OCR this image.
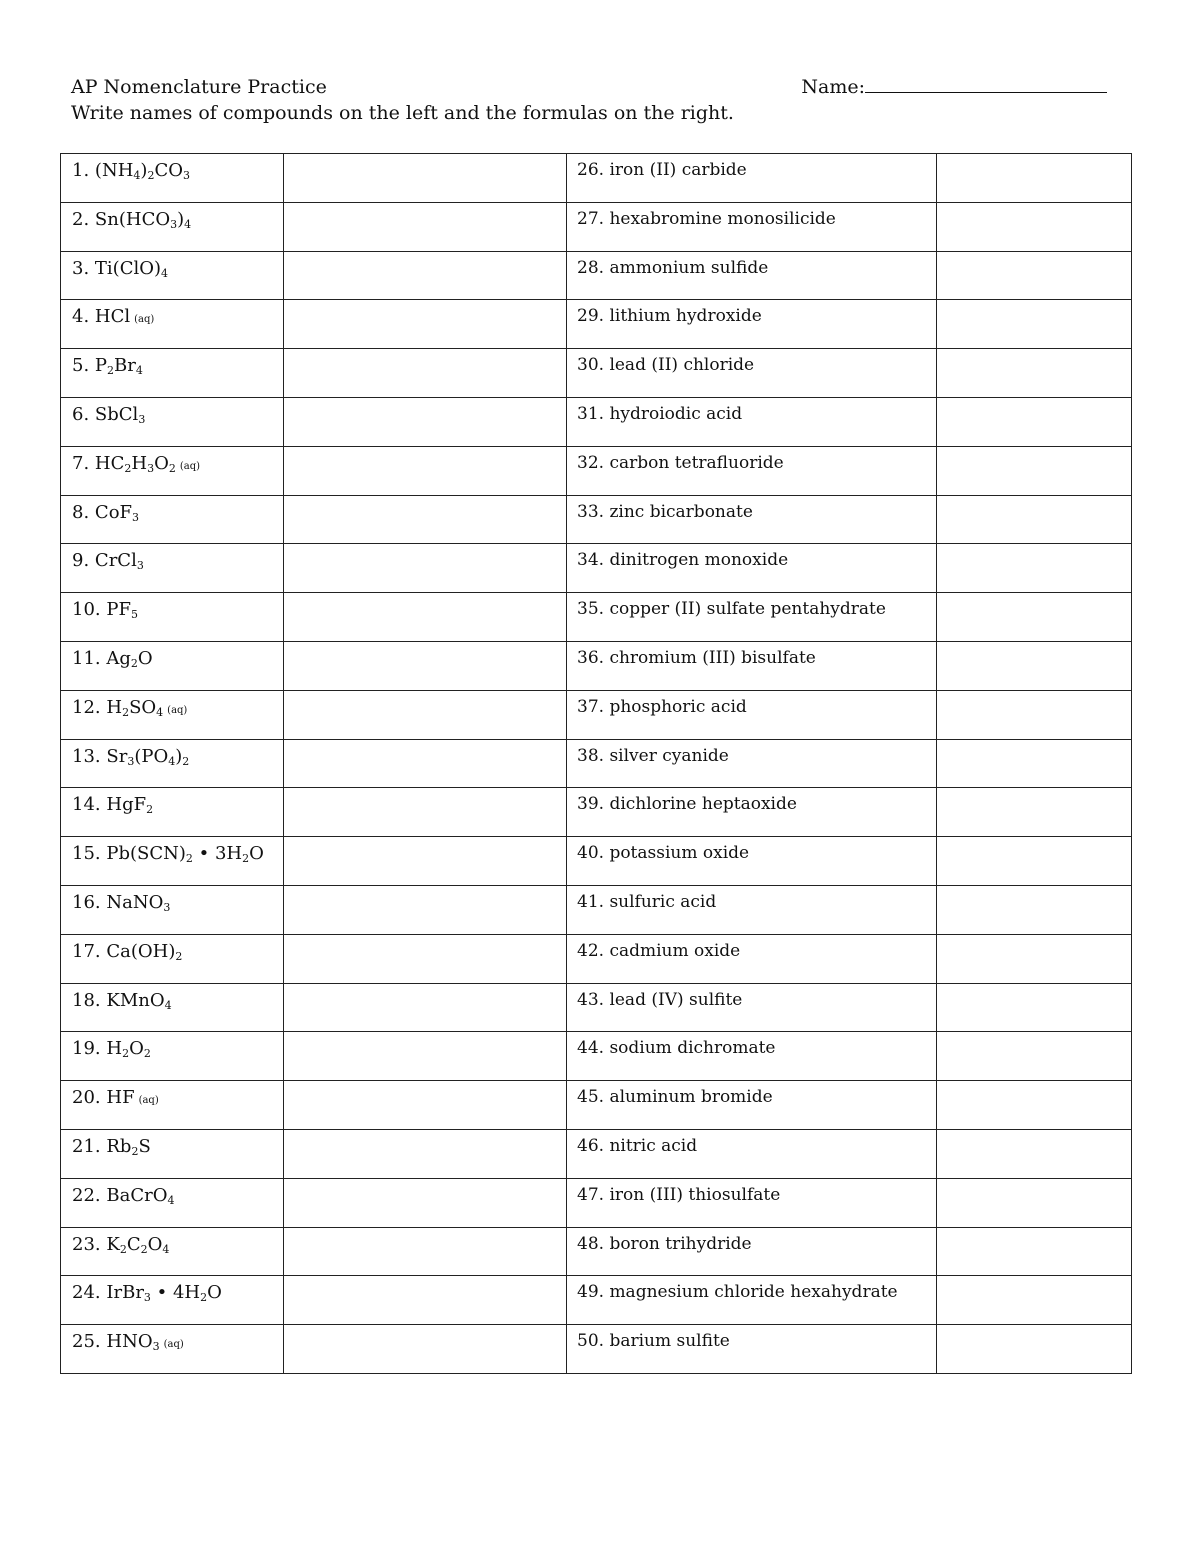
AP Nomenclature Practice	Name:
Write names of compounds on the left and the formulas on the right.
1. $(NH_4)_2CO_3$		26. iron (II) carbide	
2. $Sn(HCO_3)_4$		27. hexabromine monosilicide	
3. $Ti(ClO)_4$		28. ammonium sulfide	
4. HCl (aq)		29. lithium hydroxide	
5. $P_2Br_4$		30. lead (II) chloride	
6. SbCl$_3$		31. hydroiodic acid	
7. $HC_2H_3O_2$ (aq)		32. carbon tetrafluoride	
8. CoF$_3$		33. zinc bicarbonate	
9. CrCl$_3$		34. dinitrogen monoxide	
10. $PF_5$		35. copper (II) sulfate pentahydrate	
11. $Ag_2O$		36. chromium (III) bisulfate	
12. $H_2SO_4$ (aq)		37. phosphoric acid	
13. $Sr_3(PO_4)_2$		38. silver cyanide	
14. HgF$_2$		39. dichlorine heptaoxide	
15. $Pb(SCN)_2$ • $3H_2O$		40. potassium oxide	
16. NaNO$_3$		41. sulfuric acid	
17. $Ca(OH)_2$		42. cadmium oxide	
18. KMnO$_4$		43. lead (IV) sulfite	
19. $H_2O_2$		44. sodium dichromate	
20. HF (aq)		45. aluminum bromide	
21. $Rb_2S$		46. nitric acid	
22. BaCrO$_4$		47. iron (III) thiosulfate	
23. $K_2C_2O_4$		48. boron trihydride	
24. IrBr$_3$ • $4H_2O$		49. magnesium chloride hexahydrate	
25. $HNO_3$ (aq)		50. barium sulfite	
